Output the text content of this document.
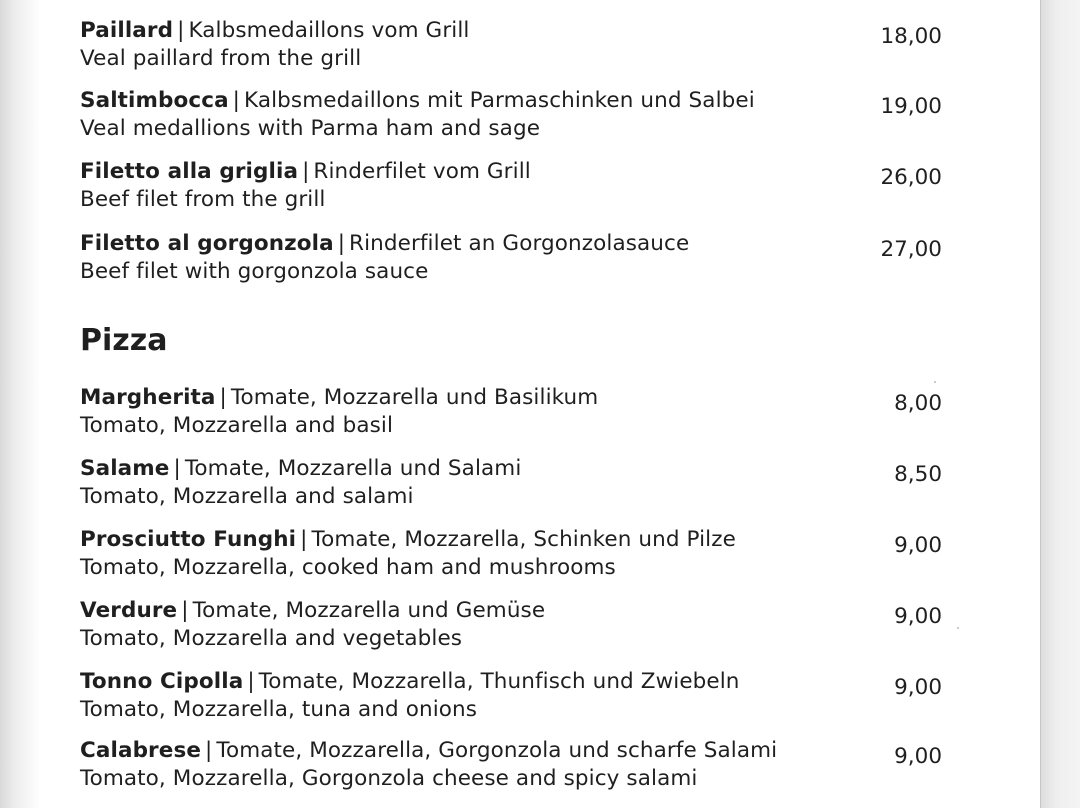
Paillard | Kalbsmedaillons vom Grill
Veal paillard from the grill
18,00
Saltimbocca | Kalbsmedaillons mit Parmaschinken und Salbei
Veal medallions with Parma ham and sage
19,00
Filetto alla griglia | Rinderfilet vom Grill
Beef filet from the grill
26,00
Filetto al gorgonzola | Rinderfilet an Gorgonzolasauce
Beef filet with gorgonzola sauce
27,00
Pizza
Margherita | Tomate, Mozzarella und Basilikum
Tomato, Mozzarella and basil
8,00
Salame | Tomate, Mozzarella und Salami
Tomato, Mozzarella and salami
8,50
Prosciutto Funghi | Tomate, Mozzarella, Schinken und Pilze
Tomato, Mozzarella, cooked ham and mushrooms
9,00
Verdure | Tomate, Mozzarella und Gemüse
Tomato, Mozzarella and vegetables
9,00
Tonno Cipolla | Tomate, Mozzarella, Thunfisch und Zwiebeln
Tomato, Mozzarella, tuna and onions
9,00
Calabrese | Tomate, Mozzarella, Gorgonzola und scharfe Salami
Tomato, Mozzarella, Gorgonzola cheese and spicy salami
9,00
